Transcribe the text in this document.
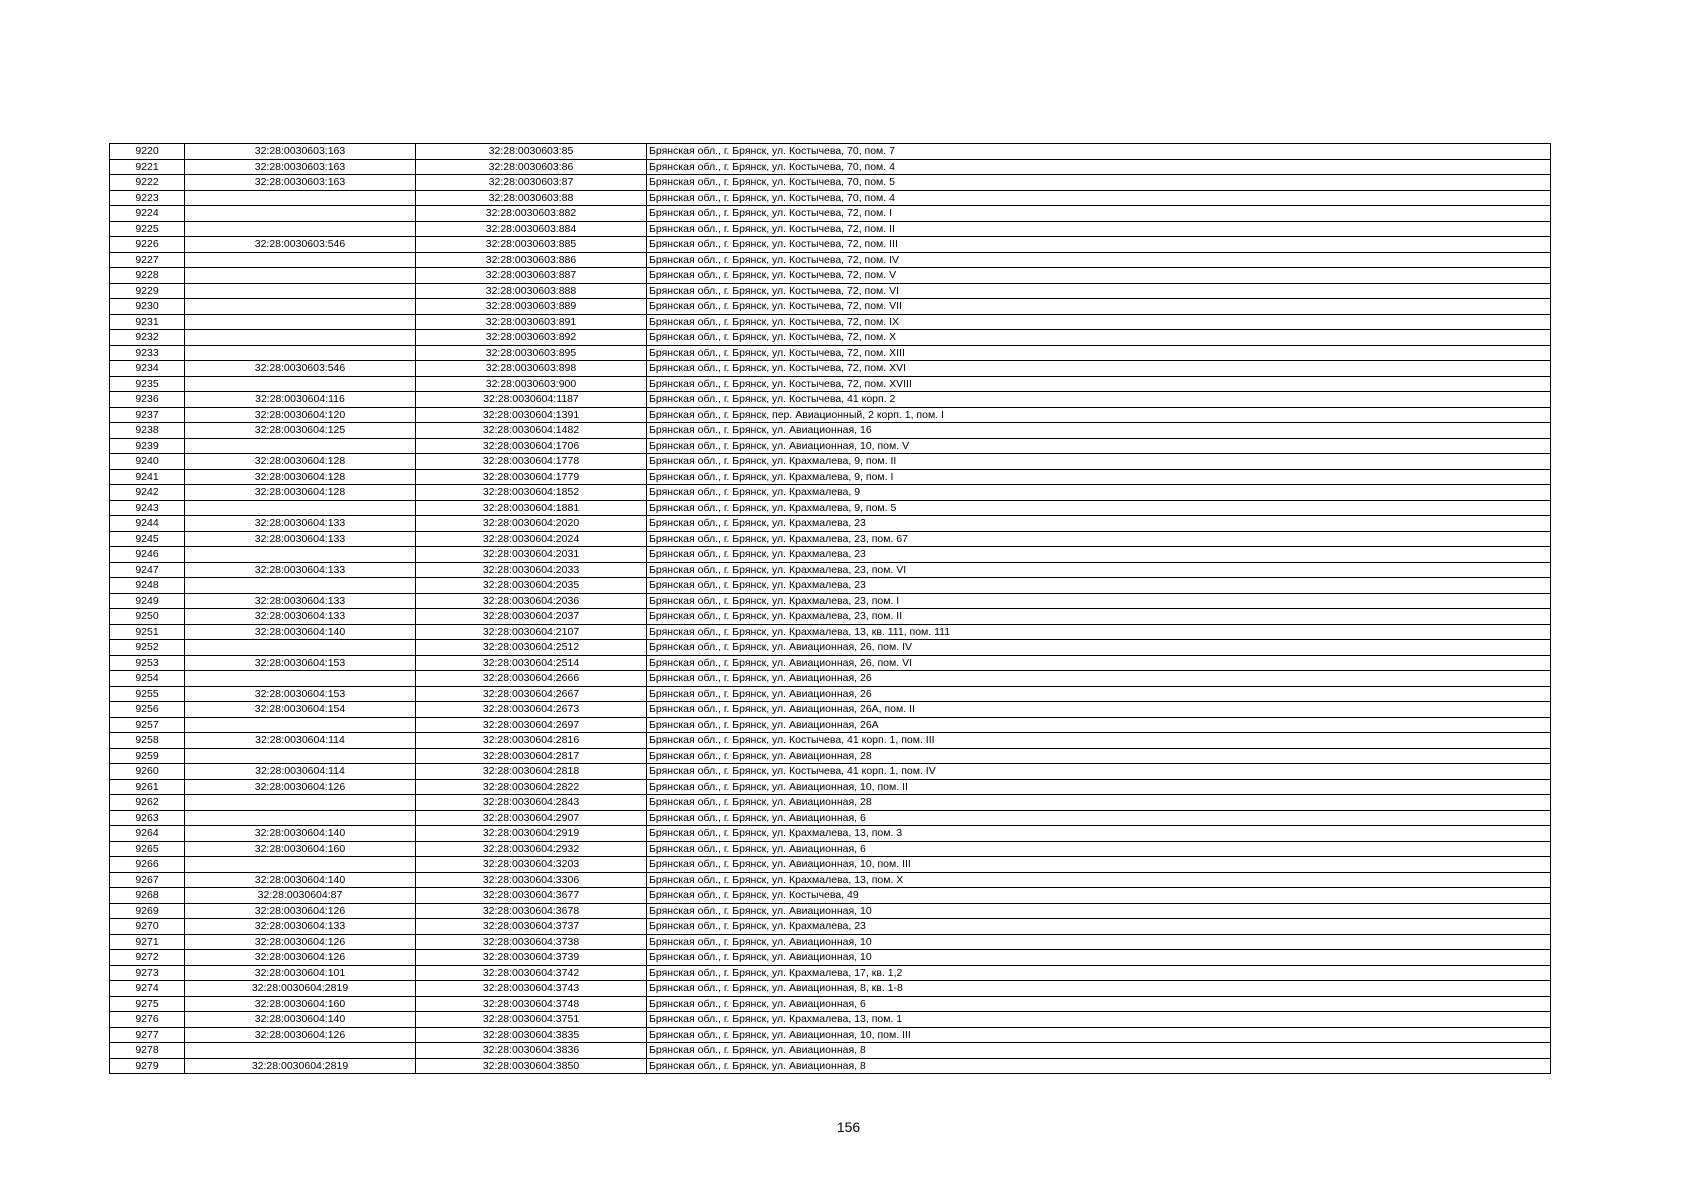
9220	32:28:0030603:163	32:28:0030603:85	Брянская обл., г. Брянск, ул. Костычева, 70, пом. 7
9221	32:28:0030603:163	32:28:0030603:86	Брянская обл., г. Брянск, ул. Костычева, 70, пом. 4
9222	32:28:0030603:163	32:28:0030603:87	Брянская обл., г. Брянск, ул. Костычева, 70, пом. 5
9223		32:28:0030603:88	Брянская обл., г. Брянск, ул. Костычева, 70, пом. 4
9224		32:28:0030603:882	Брянская обл., г. Брянск, ул. Костычева, 72, пом. I
9225		32:28:0030603:884	Брянская обл., г. Брянск, ул. Костычева, 72, пом. II
9226	32:28:0030603:546	32:28:0030603:885	Брянская обл., г. Брянск, ул. Костычева, 72, пом. III
9227		32:28:0030603:886	Брянская обл., г. Брянск, ул. Костычева, 72, пом. IV
9228		32:28:0030603:887	Брянская обл., г. Брянск, ул. Костычева, 72, пом. V
9229		32:28:0030603:888	Брянская обл., г. Брянск, ул. Костычева, 72, пом. VI
9230		32:28:0030603:889	Брянская обл., г. Брянск, ул. Костычева, 72, пом. VII
9231		32:28:0030603:891	Брянская обл., г. Брянск, ул. Костычева, 72, пом. IX
9232		32:28:0030603:892	Брянская обл., г. Брянск, ул. Костычева, 72, пом. X
9233		32:28:0030603:895	Брянская обл., г. Брянск, ул. Костычева, 72, пом. XIII
9234	32:28:0030603:546	32:28:0030603:898	Брянская обл., г. Брянск, ул. Костычева, 72, пом. XVI
9235		32:28:0030603:900	Брянская обл., г. Брянск, ул. Костычева, 72, пом. XVIII
9236	32:28:0030604:116	32:28:0030604:1187	Брянская обл., г. Брянск, ул. Костычева, 41 корп. 2
9237	32:28:0030604:120	32:28:0030604:1391	Брянская обл., г. Брянск, пер. Авиационный, 2 корп. 1, пом. I
9238	32:28:0030604:125	32:28:0030604:1482	Брянская обл., г. Брянск, ул. Авиационная, 16
9239		32:28:0030604:1706	Брянская обл., г. Брянск, ул. Авиационная, 10, пом. V
9240	32:28:0030604:128	32:28:0030604:1778	Брянская обл., г. Брянск, ул. Крахмалева, 9, пом. II
9241	32:28:0030604:128	32:28:0030604:1779	Брянская обл., г. Брянск, ул. Крахмалева, 9, пом. I
9242	32:28:0030604:128	32:28:0030604:1852	Брянская обл., г. Брянск, ул. Крахмалева, 9
9243		32:28:0030604:1881	Брянская обл., г. Брянск, ул. Крахмалева, 9, пом. 5
9244	32:28:0030604:133	32:28:0030604:2020	Брянская обл., г. Брянск, ул. Крахмалева, 23
9245	32:28:0030604:133	32:28:0030604:2024	Брянская обл., г. Брянск, ул. Крахмалева, 23, пом. 67
9246		32:28:0030604:2031	Брянская обл., г. Брянск, ул. Крахмалева, 23
9247	32:28:0030604:133	32:28:0030604:2033	Брянская обл., г. Брянск, ул. Крахмалева, 23, пом. VI
9248		32:28:0030604:2035	Брянская обл., г. Брянск, ул. Крахмалева, 23
9249	32:28:0030604:133	32:28:0030604:2036	Брянская обл., г. Брянск, ул. Крахмалева, 23, пом. I
9250	32:28:0030604:133	32:28:0030604:2037	Брянская обл., г. Брянск, ул. Крахмалева, 23, пом. II
9251	32:28:0030604:140	32:28:0030604:2107	Брянская обл., г. Брянск, ул. Крахмалева, 13, кв. 111, пом. 111
9252		32:28:0030604:2512	Брянская обл., г. Брянск, ул. Авиационная, 26, пом. IV
9253	32:28:0030604:153	32:28:0030604:2514	Брянская обл., г. Брянск, ул. Авиационная, 26, пом. VI
9254		32:28:0030604:2666	Брянская обл., г. Брянск, ул. Авиационная, 26
9255	32:28:0030604:153	32:28:0030604:2667	Брянская обл., г. Брянск, ул. Авиационная, 26
9256	32:28:0030604:154	32:28:0030604:2673	Брянская обл., г. Брянск, ул. Авиационная, 26А, пом. II
9257		32:28:0030604:2697	Брянская обл., г. Брянск, ул. Авиационная, 26А
9258	32:28:0030604:114	32:28:0030604:2816	Брянская обл., г. Брянск, ул. Костычева, 41 корп. 1, пом. III
9259		32:28:0030604:2817	Брянская обл., г. Брянск, ул. Авиационная, 28
9260	32:28:0030604:114	32:28:0030604:2818	Брянская обл., г. Брянск, ул. Костычева, 41 корп. 1, пом. IV
9261	32:28:0030604:126	32:28:0030604:2822	Брянская обл., г. Брянск, ул. Авиационная, 10, пом. II
9262		32:28:0030604:2843	Брянская обл., г. Брянск, ул. Авиационная, 28
9263		32:28:0030604:2907	Брянская обл., г. Брянск, ул. Авиационная, 6
9264	32:28:0030604:140	32:28:0030604:2919	Брянская обл., г. Брянск, ул. Крахмалева, 13, пом. 3
9265	32:28:0030604:160	32:28:0030604:2932	Брянская обл., г. Брянск, ул. Авиационная, 6
9266		32:28:0030604:3203	Брянская обл., г. Брянск, ул. Авиационная, 10, пом. III
9267	32:28:0030604:140	32:28:0030604:3306	Брянская обл., г. Брянск, ул. Крахмалева, 13, пом. X
9268	32:28:0030604:87	32:28:0030604:3677	Брянская обл., г. Брянск, ул. Костычева, 49
9269	32:28:0030604:126	32:28:0030604:3678	Брянская обл., г. Брянск, ул. Авиационная, 10
9270	32:28:0030604:133	32:28:0030604:3737	Брянская обл., г. Брянск, ул. Крахмалева, 23
9271	32:28:0030604:126	32:28:0030604:3738	Брянская обл., г. Брянск, ул. Авиационная, 10
9272	32:28:0030604:126	32:28:0030604:3739	Брянская обл., г. Брянск, ул. Авиационная, 10
9273	32:28:0030604:101	32:28:0030604:3742	Брянская обл., г. Брянск, ул. Крахмалева, 17, кв. 1,2
9274	32:28:0030604:2819	32:28:0030604:3743	Брянская обл., г. Брянск, ул. Авиационная, 8, кв. 1-8
9275	32:28:0030604:160	32:28:0030604:3748	Брянская обл., г. Брянск, ул. Авиационная, 6
9276	32:28:0030604:140	32:28:0030604:3751	Брянская обл., г. Брянск, ул. Крахмалева, 13, пом. 1
9277	32:28:0030604:126	32:28:0030604:3835	Брянская обл., г. Брянск, ул. Авиационная, 10, пом. III
9278		32:28:0030604:3836	Брянская обл., г. Брянск, ул. Авиационная, 8
9279	32:28:0030604:2819	32:28:0030604:3850	Брянская обл., г. Брянск, ул. Авиационная, 8
156
